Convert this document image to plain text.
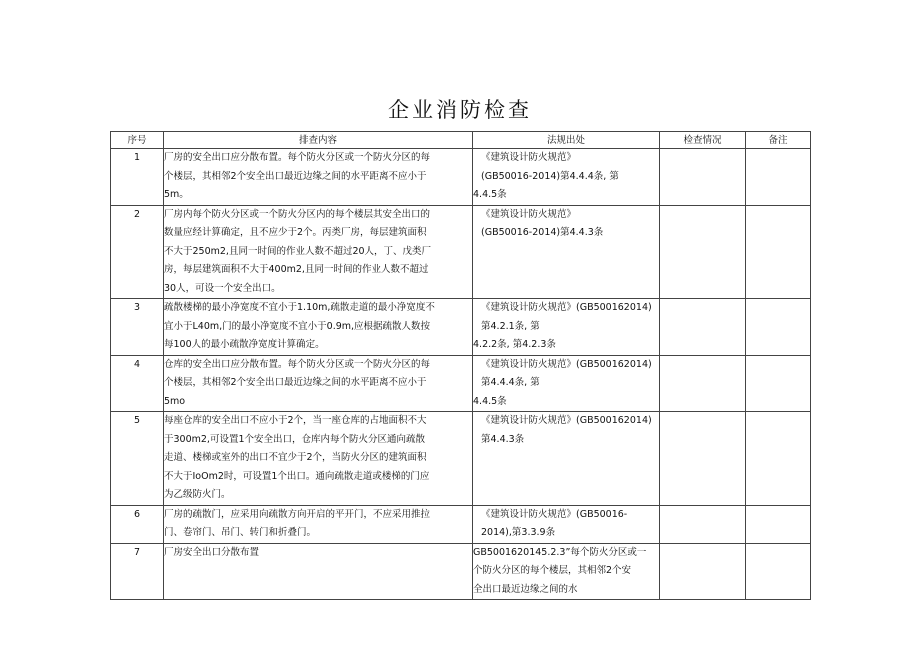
企业消防检查
序号	排查内容	法规出处	检查情况	备注
1	厂房的安全出口应分散布置。每个防火分区或一个防火分区的每
个楼层，其相邻2个安全出口最近边缘之间的水平距离不应小于
5m。	《建筑设计防火规范》
(GB50016-2014)第4.4.4条, 第
4.4.5条		

2	厂房内每个防火分区或一个防火分区内的每个楼层其安全出口的
数量应经计算确定，且不应少于2个。丙类厂房，每层建筑面积
不大于250m2,且同一时间的作业人数不超过20人，丁、戊类厂
房，每层建筑面积不大于400m2,且同一时间的作业人数不超过
30人，可设一个安全出口。	《建筑设计防火规范》
(GB50016-2014)第4.4.3条		

3	疏散楼梯的最小净宽度不宜小于1.10m,疏散走道的最小净宽度不
宜小于L40m,门的最小净宽度不宜小于0.9m,应根据疏散人数按
每100人的最小疏散净宽度计算确定。	《建筑设计防火规范》(GB500162014)
第4.2.1条, 第
4.2.2条, 第4.2.3条		

4	仓库的安全出口应分散布置。每个防火分区或一个防火分区的每
个楼层，其相邻2个安全出口最近边缘之间的水平距离不应小于
5mo	《建筑设计防火规范》(GB500162014)
第4.4.4条, 第
4.4.5条		

5	每座仓库的安全出口不应小于2个，当一座仓库的占地面积不大
于300m2,可设置1个安全出口，仓库内每个防火分区通向疏散
走道、楼梯或室外的出口不宜少于2个，当防火分区的建筑面积
不大于IoOm2时，可设置1个出口。通向疏散走道或楼梯的门应
为乙级防火门。	《建筑设计防火规范》(GB500162014)
第4.4.3条		

6	厂房的疏散门，应采用向疏散方向开启的平开门，不应采用推拉
门、卷帘门、吊门、转门和折叠门。	《建筑设计防火规范》(GB50016-
2014),第3.3.9条		

7	厂房安全出口分散布置	GB5001620145.2.3”每个防火分区或一
个防火分区的每个楼层，其相邻2个安
全出口最近边缘之间的水		
